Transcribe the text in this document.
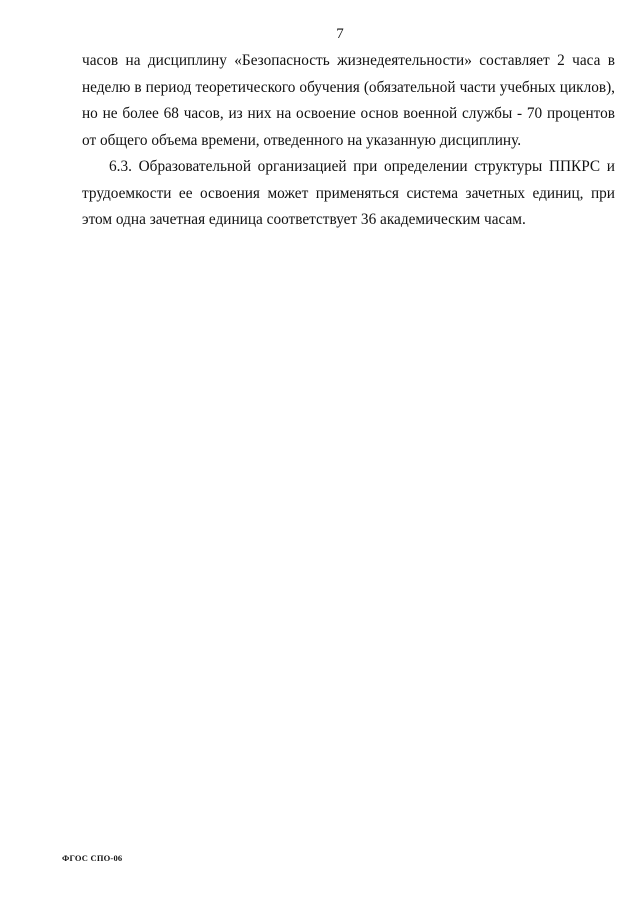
7

часов на дисциплину «Безопасность жизнедеятельности» составляет 2 часа в неделю в период теоретического обучения (обязательной части учебных циклов), но не более 68 часов, из них на освоение основ военной службы - 70 процентов от общего объема времени, отведенного на указанную дисциплину.

6.3. Образовательной организацией при определении структуры ППКРС и трудоемкости ее освоения может применяться система зачетных единиц, при этом одна зачетная единица соответствует 36 академическим часам.

ФГОС СПО-06
